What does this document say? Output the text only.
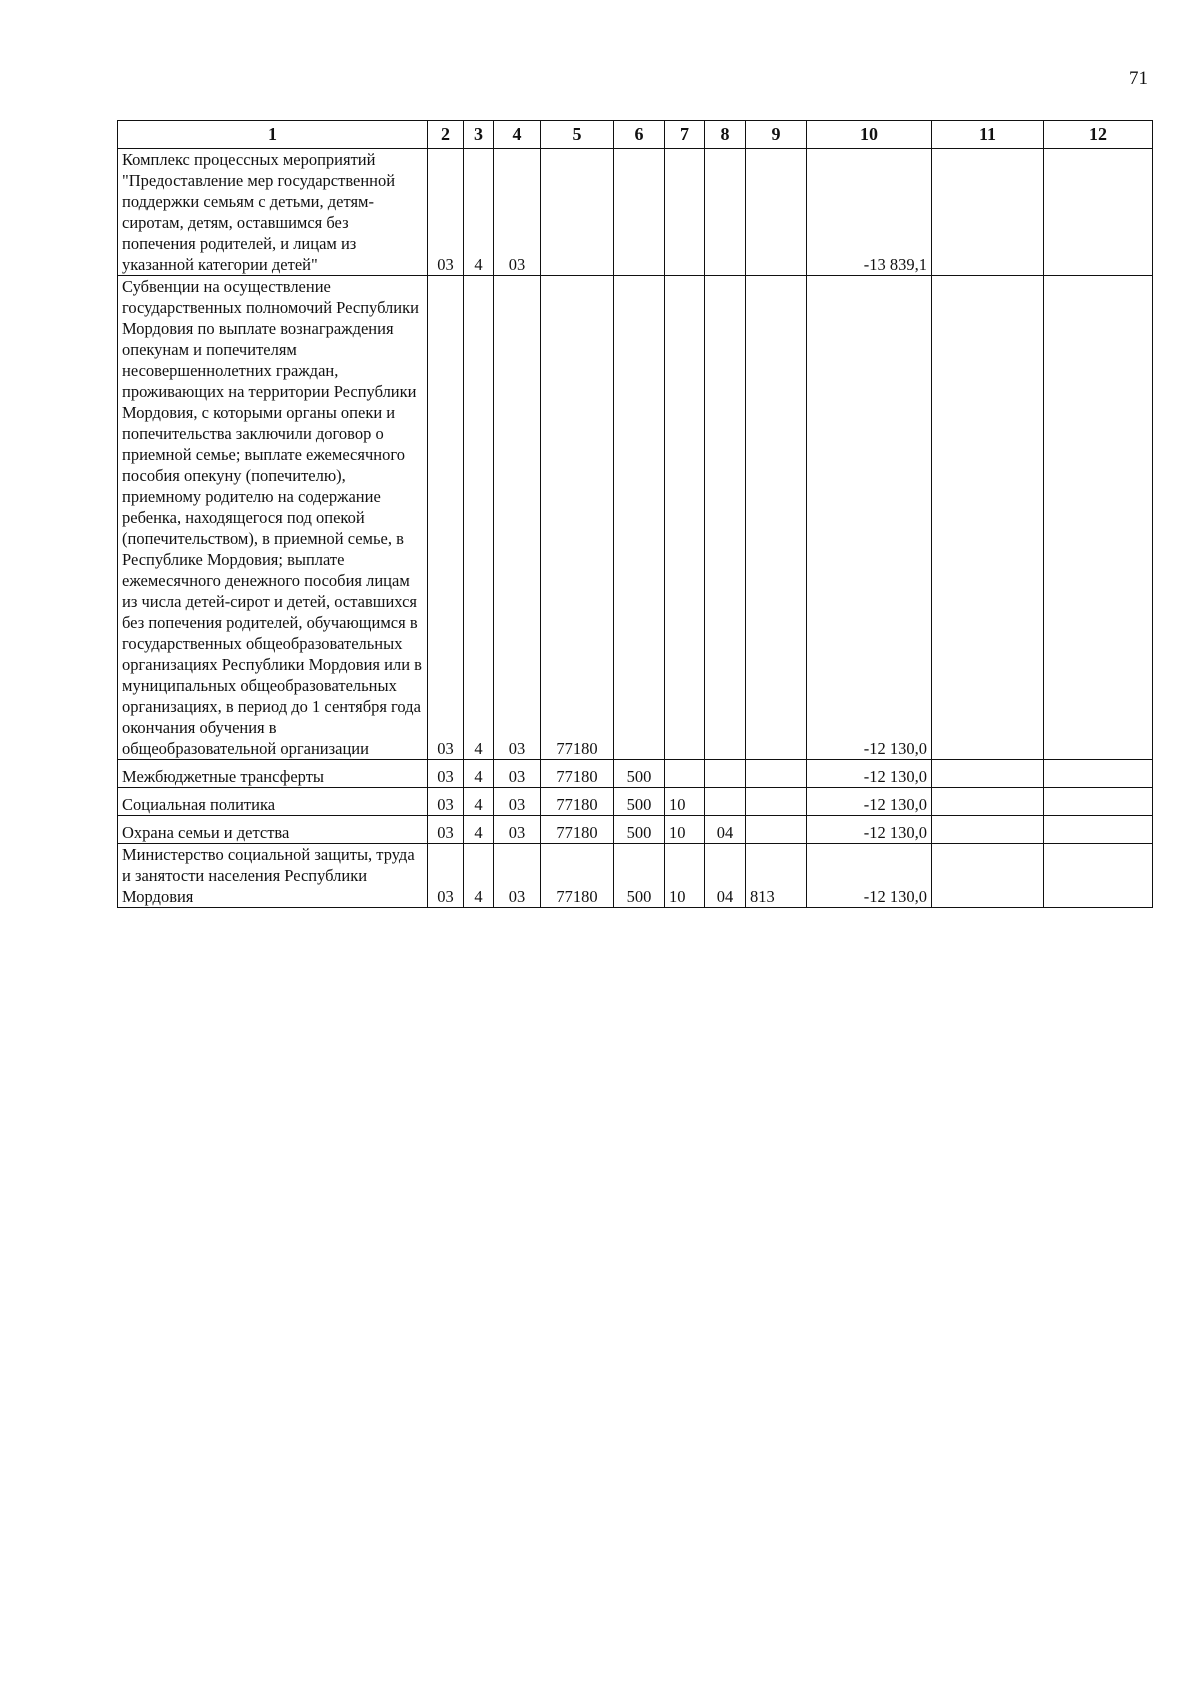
71
1	2	3	4	5	6	7	8	9	10	11	12
Комплекс процессных мероприятий "Предоставление мер государственной поддержки семьям с детьми, детям-сиротам, детям, оставшимся без попечения родителей, и лицам из указанной категории детей"	03	4	03						-13 839,1		
Субвенции на осуществление государственных полномочий Республики Мордовия по выплате вознаграждения опекунам и попечителям несовершеннолетних граждан, проживающих на территории Республики Мордовия, с которыми органы опеки и попечительства заключили договор о приемной семье; выплате ежемесячного пособия опекуну (попечителю), приемному родителю на содержание ребенка, находящегося под опекой (попечительством), в приемной семье, в Республике Мордовия; выплате ежемесячного денежного пособия лицам из числа детей-сирот и детей, оставшихся без попечения родителей, обучающимся в государственных общеобразовательных организациях Республики Мордовия или в муниципальных общеобразовательных организациях, в период до 1 сентября года окончания обучения в общеобразовательной организации	03	4	03	77180					-12 130,0		
Межбюджетные трансферты	03	4	03	77180	500				-12 130,0		
Социальная политика	03	4	03	77180	500	10			-12 130,0		
Охрана семьи и детства	03	4	03	77180	500	10	04		-12 130,0		
Министерство социальной защиты, труда и занятости населения Республики Мордовия	03	4	03	77180	500	10	04	813	-12 130,0		
